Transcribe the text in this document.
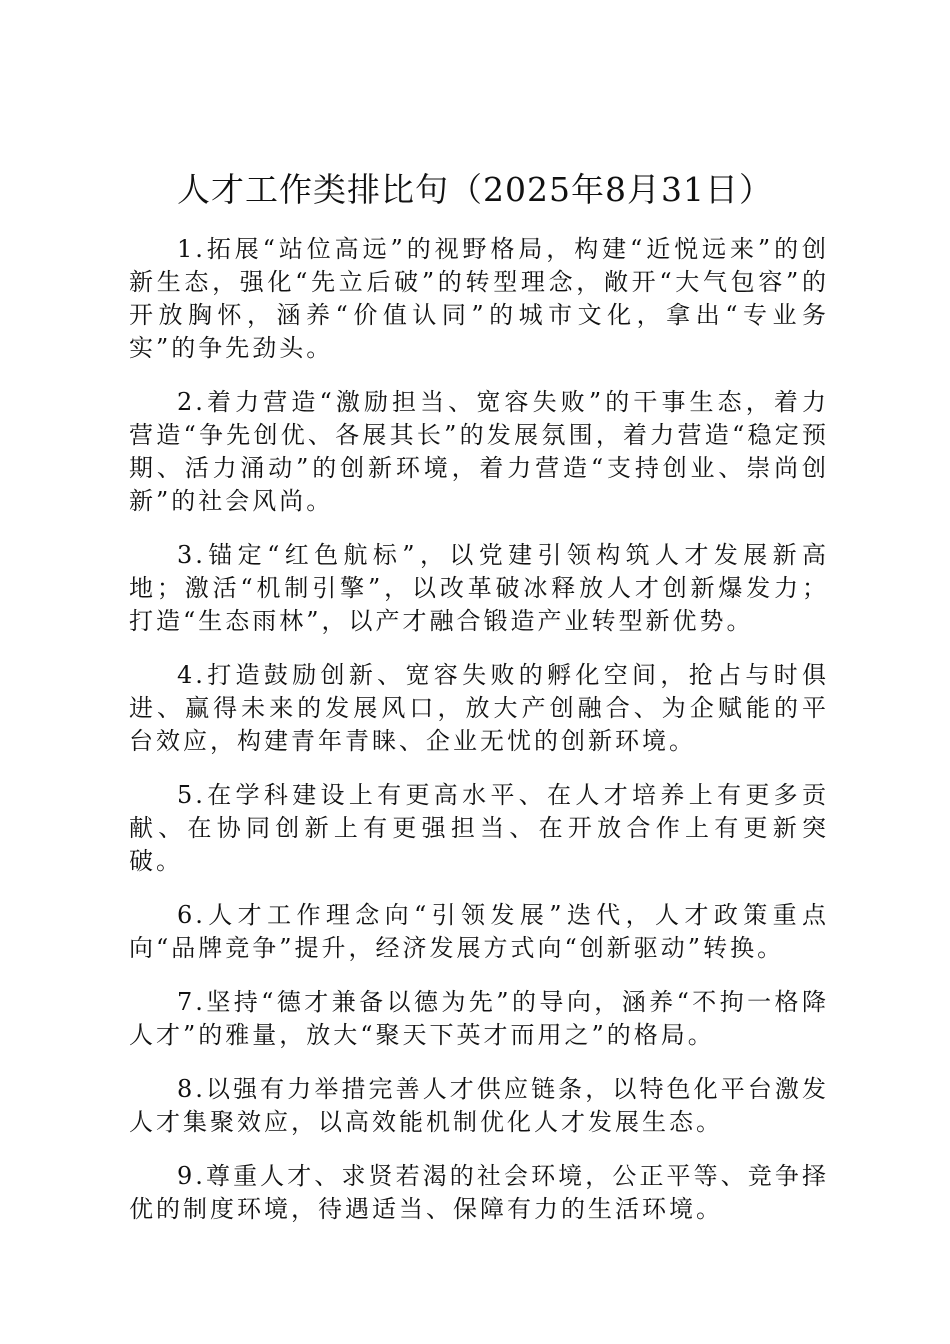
人才工作类排比句（2025年8月31日）

1.拓展“站位高远”的视野格局，构建“近悦远来”的创新生态，强化“先立后破”的转型理念，敞开“大气包容”的开放胸怀，涵养“价值认同”的城市文化，拿出“专业务实”的争先劲头。

2.着力营造“激励担当、宽容失败”的干事生态，着力营造“争先创优、各展其长”的发展氛围，着力营造“稳定预期、活力涌动”的创新环境，着力营造“支持创业、崇尚创新”的社会风尚。

3.锚定“红色航标”，以党建引领构筑人才发展新高地；激活“机制引擎”，以改革破冰释放人才创新爆发力；打造“生态雨林”，以产才融合锻造产业转型新优势。

4.打造鼓励创新、宽容失败的孵化空间，抢占与时俱进、赢得未来的发展风口，放大产创融合、为企赋能的平台效应，构建青年青睐、企业无忧的创新环境。

5.在学科建设上有更高水平、在人才培养上有更多贡献、在协同创新上有更强担当、在开放合作上有更新突破。

6.人才工作理念向“引领发展”迭代，人才政策重点向“品牌竞争”提升，经济发展方式向“创新驱动”转换。

7.坚持“德才兼备以德为先”的导向，涵养“不拘一格降人才”的雅量，放大“聚天下英才而用之”的格局。

8.以强有力举措完善人才供应链条，以特色化平台激发人才集聚效应，以高效能机制优化人才发展生态。

9.尊重人才、求贤若渴的社会环境，公正平等、竞争择优的制度环境，待遇适当、保障有力的生活环境。
